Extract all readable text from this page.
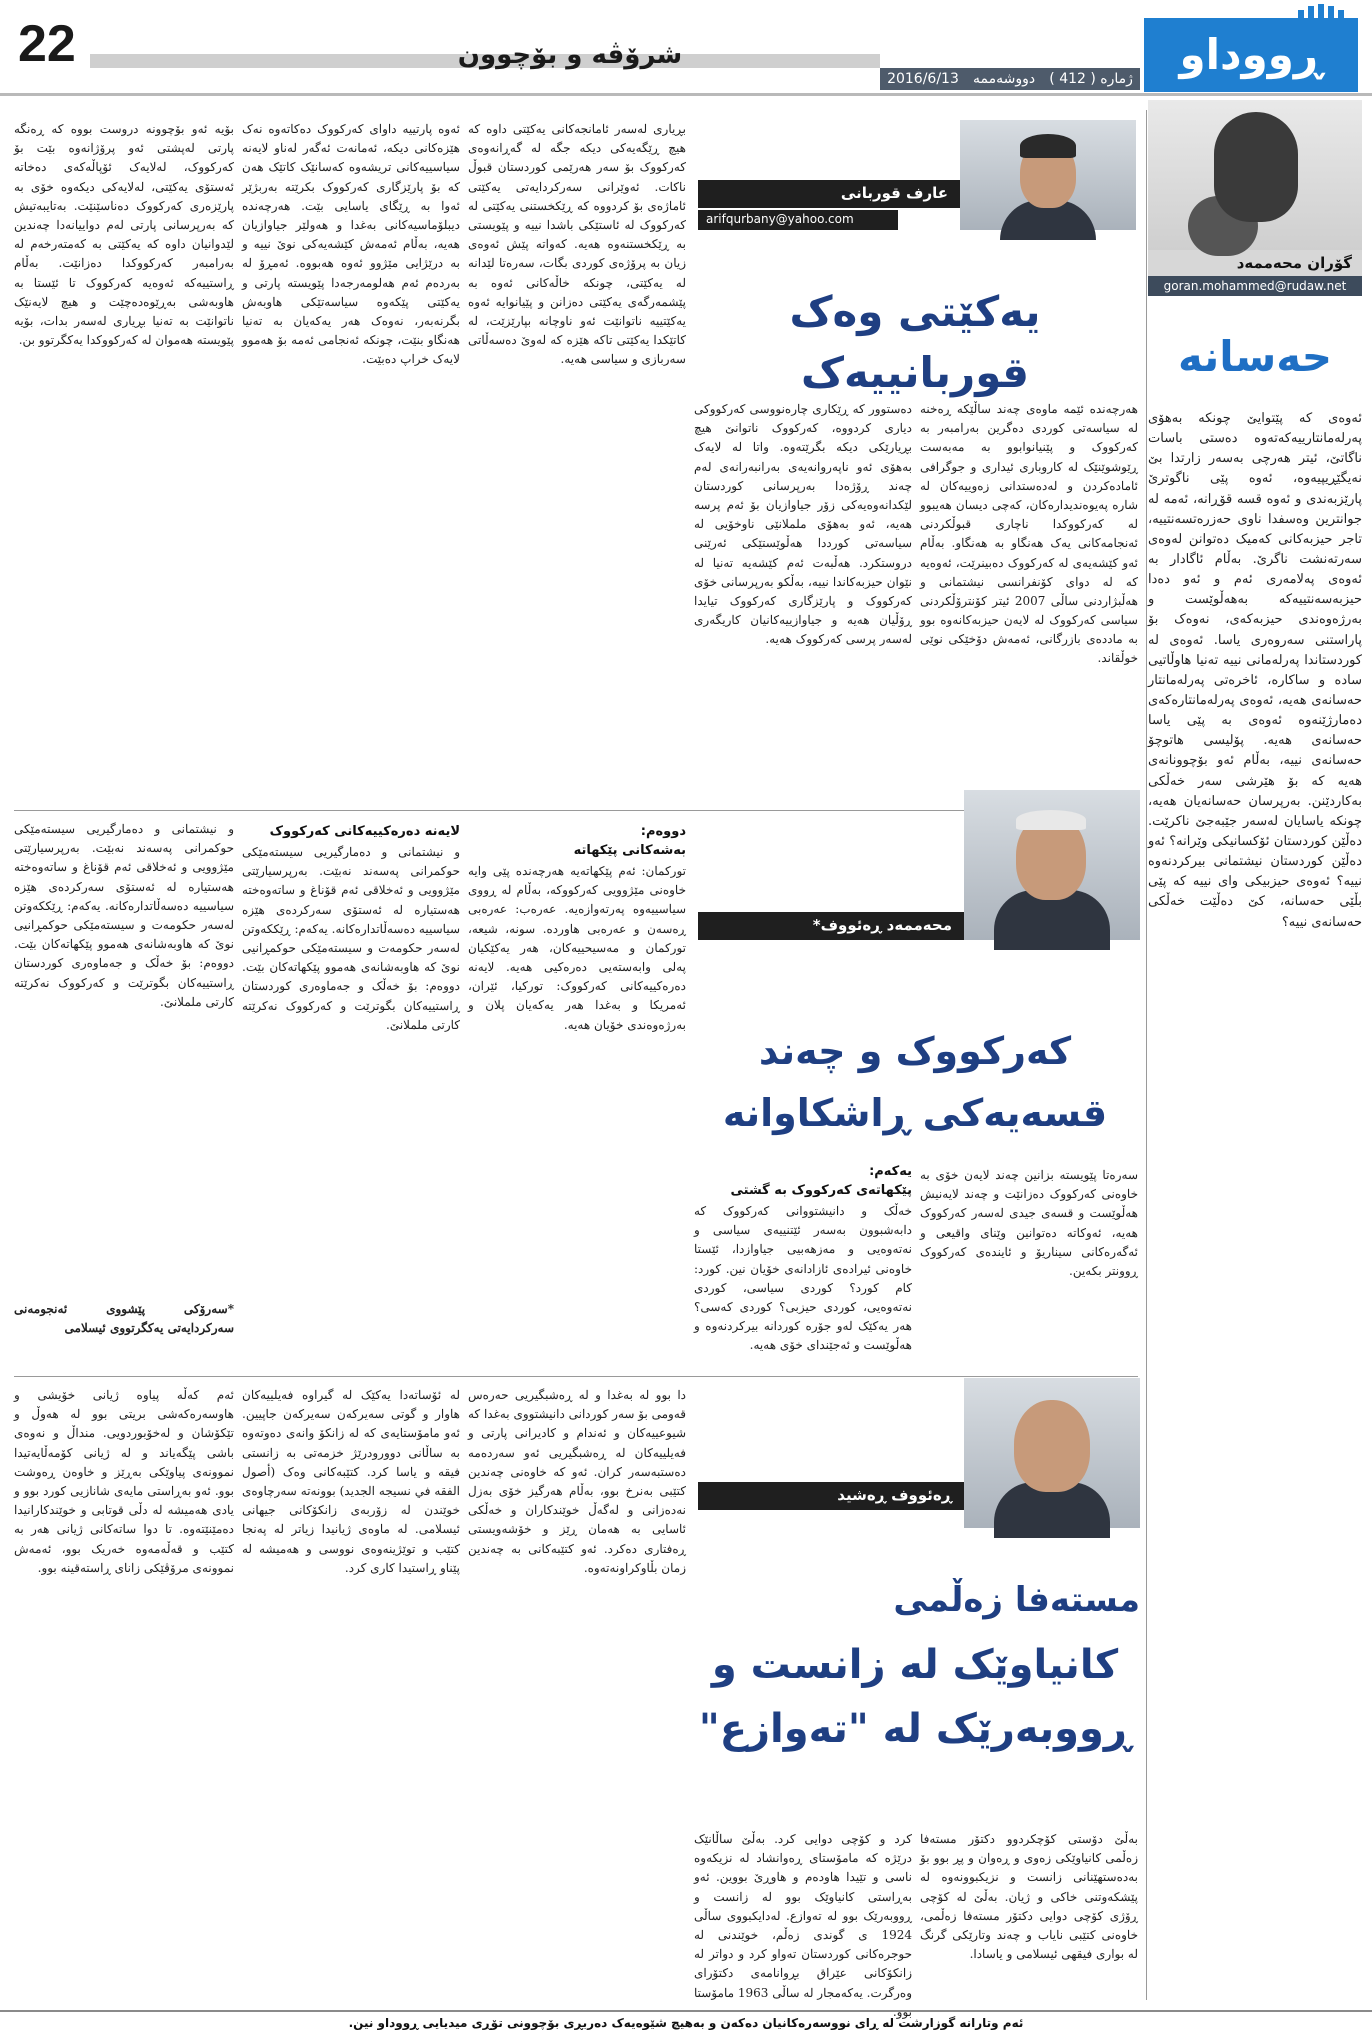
22	شرۆڤە و بۆچوون
ژمارە ( 412 )
دووشەممە
2016/6/13	ڕووداو
گۆران محەممەد
goran.mohammed@rudaw.net
حەسانە
ئەوەی کە پێتوایێ چونکە بەهۆی پەرلەمانتارییەکەتەوە دەستی باسات ناگاتێ، ئیتر هەرچی بەسەر زارتدا بێ نەیگێڕیپیەوە، ئەوە پێی ناگوترێ پارێزبەندی و ئەوە قسە قۆڕانە، ئەمە لە جوانترین وەسفدا ناوی حەزرەتسەنتییە، تاجر حیزبەکانی کەمیک دەتوانن لەوەی سەرتەنشت ناگرێ. بەڵام ئاگادار بە ئەوەی پەلامەری ئەم و ئەو دەدا حیزبەسەنتییەکە بەهەڵوێست و بەرژەوەندی حیزبەکەی، نەوەک بۆ پاراستنی سەروەری یاسا. ئەوەی لە کوردستاندا پەرلەمانی نییە تەنیا هاوڵاتیی سادە و ساکارە، ئاخرەتی پەرلەمانتار حەسانەی هەیە، ئەوەی پەرلەمانتارەکەی دەمارژێنەوە ئەوەی بە پێی یاسا حەسانەی هەیە. پۆلیسی هاتوچۆ حەسانەی نییە، بەڵام ئەو بۆچوونانەی هەیە کە بۆ هێرشی سەر خەڵکی بەکاردێنن. بەرپرسان حەسانەیان هەیە، چونکە یاسایان لەسەر جێبەجێ ناکرێت. دەڵێن کوردستان ئۆکسانیکی وێرانە؟ ئەو دەڵێن کوردستان نیشتمانی بیرکردنەوە نییە؟ ئەوەی حیزبیکی وای نییە کە پێی بڵێی حەسانە، کێ دەڵێت خەڵکی حەسانەی نییە؟
عارف قوربانی
arifqurbany@yahoo.com
یەکێتی وەک قوربانییەک
هەرچەندە ئێمە ماوەی چەند ساڵێکە ڕەخنە لە سیاسەتی کوردی دەگرین بەرامبەر بە کەرکووک و پێنیانوابوو بە مەبەست ڕێوشوێنێک لە کاروباری ئیداری و جوگرافی ئامادەکردن و لەدەستدانی زەوییەکان لە شارە پەیوەندیدارەکان، کەچی دیسان هەیبوو لە کەرکووکدا ناچاری قبوڵکردنی ئەنجامەکانی یەک هەنگاو بە هەنگاو. بەڵام ئەو کێشەیەی لە کەرکووک دەبینرێت، ئەوەیە کە لە دوای کۆنفرانسی نیشتمانی و هەڵبژاردنی ساڵی 2007 ئیتر کۆنترۆڵکردنی سیاسی کەرکووک لە لایەن حیزبەکانەوە بوو بە ماددەی بازرگانی، ئەمەش دۆخێکی نوێی خوڵقاند.
دەستوور کە ڕێکاری چارەنووسی کەرکووکی دیاری کردووە، کەرکووک ناتوانێ هیچ بڕیارێکی دیکە بگرێتەوە. واتا لە لایەک بەهۆی ئەو ناپەروانەیەی بەرانبەرانەی لەم چەند ڕۆژەدا بەرپرسانی کوردستان لێکدانەوەیەکی زۆر جیاوازیان بۆ ئەم پرسە هەیە، ئەو بەهۆی ململانێی ناوخۆیی لە سیاسەتی کورددا هەڵوێستێکی ئەرێنی دروستکرد. هەڵبەت ئەم کێشەیە تەنیا لە نێوان حیزبەکاندا نییە، بەڵکو بەرپرسانی خۆی کەرکووک و پارێزگاری کەرکووک تیایدا ڕۆڵیان هەیە و جیاوازییەکانیان کاریگەری لەسەر پرسی کەرکووک هەیە.
بڕیاری لەسەر ئامانجەکانی یەکێتی داوە کە هیچ ڕێگەیەکی دیکە جگە لە گەڕانەوەی کەرکووک بۆ سەر هەرێمی کوردستان قبوڵ ناکات. ئەوێرانی سەرکردایەتی یەکێتی ئاماژەی بۆ کردووە کە ڕێکخستنی یەکێتی لە کەرکووک لە ئاستێکی باشدا نییە و پێویستی بە ڕێکخستنەوە هەیە. کەواتە پێش ئەوەی زیان بە پرۆژەی کوردی بگات، سەرەتا لێدانە لە یەکێتی، چونکە خاڵەکانی ئەوە بە پێشمەرگەی یەکێتی دەزانن و پێیانوایە ئەوە یەکێتییە ناتوانێت ئەو ناوچانە بپارێزێت، لە کاتێکدا یەکێتی تاکە هێزە کە لەوێ دەسەڵاتی سەربازی و سیاسی هەیە.
ئەوە پارتییە داوای کەرکووک دەکاتەوە نەک هێزەکانی دیکە، ئەمانەت ئەگەر لەناو لایەنە سیاسییەکانی تریشەوە کەسانێک کاتێک هەن کە بۆ پارێزگاری کەرکووک بکرێتە بەربژێر ئەوا بە ڕێگای یاسایی بێت. هەرچەندە دیبلۆماسیەکانی بەغدا و هەولێر جیاوازیان هەیە، بەڵام ئەمەش کێشەیەکی نوێ نییە و بە درێژایی مێژوو ئەوە هەبووە. ئەمڕۆ لە بەردەم ئەم هەلومەرجەدا پێویستە پارتی و یەکێتی پێکەوە سیاسەتێکی هاوبەش بگرنەبەر، نەوەک هەر یەکەیان بە تەنیا هەنگاو بنێت، چونکە ئەنجامی ئەمە بۆ هەموو لایەک خراپ دەبێت.
بۆیە ئەو بۆچوونە دروست بووە کە ڕەنگە پارتی لەپشتی ئەو پرۆژانەوە بێت بۆ کەرکووک، لەلایەک ئۆپاڵەکەی دەخاتە ئەستۆی یەکێتی، لەلایەکی دیکەوە خۆی بە پارێزەری کەرکووک دەناسێنێت. بەتایبەتیش کە بەرپرسانی پارتی لەم دواییانەدا چەندین لێدوانیان داوە کە یەکێتی بە کەمتەرخەم لە بەرامبەر کەرکووکدا دەزانێت. بەڵام ڕاستییەکە ئەوەیە کەرکووک تا ئێستا بە هاوبەشی بەڕێوەدەچێت و هیچ لایەنێک ناتوانێت بە تەنیا بڕیاری لەسەر بدات، بۆیە پێویستە هەموان لە کەرکووکدا یەکگرتوو بن.
محەممەد ڕەئووف*
کەرکووک و چەند
قسەیەکی ڕاشکاوانە
سەرەتا پێویستە بزانین چەند لایەن خۆی بە خاوەنی کەرکووک دەزانێت و چەند لایەنیش هەڵوێست و قسەی جیدی لەسەر کەرکووک هەیە، ئەوکاتە دەتوانین وێنای واقیعی و ئەگەرەکانی سیناریۆ و ئایندەی کەرکووک ڕوونتر بکەین.
یەکەم:
پێکهاتەی کەرکووک بە گشتی
خەڵک و دانیشتووانی کەرکووک کە دابەشبوون بەسەر ئێتنییەی سیاسی و نەتەوەیی و مەزهەبیی جیاوازدا، ئێستا خاوەنی ئیرادەی ئازادانەی خۆیان نین. کورد: کام کورد؟ کوردی سیاسی، کوردی نەتەوەیی، کوردی حیزبی؟ کوردی کەسی؟ هەر یەکێک لەو جۆرە کوردانە بیرکردنەوە و هەڵوێست و ئەجێندای خۆی هەیە.
دووەم:
بەشەکانی پێکهاتە
تورکمان: ئەم پێکهاتەیە هەرچەندە پێی وایە خاوەنی مێژوویی کەرکووکە، بەڵام لە ڕووی سیاسییەوە پەرتەوازەیە. عەرەب: عەرەبی ڕەسەن و عەرەبی هاوردە. سونە، شیعە، تورکمان و مەسیحییەکان، هەر یەکێکیان پەلی وابەستەیی دەرەکیی هەیە. لایەنە دەرەکییەکانی کەرکووک: تورکیا، ئێران، ئەمریکا و بەغدا هەر یەکەیان پلان و بەرژەوەندی خۆیان هەیە.
لایەنە دەرەکییەکانی کەرکووک
و نیشتمانی و دەمارگیریی سیستەمێکی حوکمرانی پەسەند نەبێت. بەرپرسیارێتی مێژوویی و ئەخلاقی ئەم قۆناغ و ساتەوەختە هەستیارە لە ئەستۆی سەرکردەی هێزە سیاسییە دەسەڵاتدارەکانە. یەکەم: ڕێککەوتن لەسەر حکومەت و سیستەمێکی حوکمڕانیی نوێ کە هاوبەشانەی هەموو پێکهاتەکان بێت. دووەم: بۆ خەڵک و جەماوەری کوردستان ڕاستییەکان بگوترێت و کەرکووک نەکرێتە کارتی ململانێ.
و نیشتمانی و دەمارگیریی سیستەمێکی حوکمرانی پەسەند نەبێت. بەرپرسیارێتی مێژوویی و ئەخلاقی ئەم قۆناغ و ساتەوەختە هەستیارە لە ئەستۆی سەرکردەی هێزە سیاسییە دەسەڵاتدارەکانە. یەکەم: ڕێککەوتن لەسەر حکومەت و سیستەمێکی حوکمڕانیی نوێ کە هاوبەشانەی هەموو پێکهاتەکان بێت. دووەم: بۆ خەڵک و جەماوەری کوردستان ڕاستییەکان بگوترێت و کەرکووک نەکرێتە کارتی ململانێ.
*سەرۆکی پێشووی ئەنجومەنی سەرکردایەتی یەکگرتووی ئیسلامی
ڕەئووف ڕەشید
مستەفا زەڵمی
کانیاوێک لە زانست و
ڕووبەرێک لە "تەوازع"
بەڵێ دۆستی کۆچکردوو دکتۆر مستەفا زەڵمی کانیاوێکی زەوی و ڕەوان و پڕ بوو بۆ بەدەستهێنانی زانست و نزیکبوونەوە لە پێشکەوتنی خاکی و ژیان. بەڵێ لە کۆچی ڕۆژی کۆچی دوایی دکتۆر مستەفا زەڵمی، خاوەنی کتێبی نایاب و چەند وتارێکی گرنگ لە بواری فیقهی ئیسلامی و یاسادا.
کرد و کۆچی دوایی کرد. بەڵێ ساڵانێک درێژە کە مامۆستای ڕەوانشاد لە نزیکەوە ناسی و تێیدا هاودەم و هاوڕێ بووین. ئەو بەڕاستی کانیاوێک بوو لە زانست و ڕووبەرێک بوو لە تەوازع. لەدایکبووی ساڵی 1924 ی گوندی زەڵم، خوێندنی لە حوجرەکانی کوردستان تەواو کرد و دواتر لە زانکۆکانی عێراق بڕوانامەی دکتۆرای وەرگرت. یەکەمجار لە ساڵی 1963 مامۆستا بوو.
دا بوو لە بەغدا و لە ڕەشبگیریی حەرەس قەومی بۆ سەر کوردانی دانیشتووی بەغدا کە شیوعییەکان و ئەندام و کادیرانی پارتی و فەیلییەکان لە ڕەشبگیریی ئەو سەردەمە دەستبەسەر کران. ئەو کە خاوەنی چەندین کتێبی بەنرخ بوو، بەڵام هەرگیز خۆی بەزل نەدەزانی و لەگەڵ خوێندکاران و خەڵکی ئاسایی بە هەمان ڕێز و خۆشەویستی ڕەفتاری دەکرد. ئەو کتێبەکانی بە چەندین زمان بڵاوکراونەتەوە.
لە ئۆساتەدا یەکێک لە گیراوە فەیلییەکان هاوار و گوتی سەیرکەن سەیرکەن جاپیین. ئەو مامۆستایەی کە لە زانکۆ وانەی دەوتەوە بە ساڵانی دوورودرێژ خزمەتی بە زانستی فیقه و یاسا کرد. کتێبەکانی وەک (أصول الفقه في نسيجه الجديد) بوونەتە سەرچاوەی خوێندن لە زۆربەی زانکۆکانی جیهانی ئیسلامی. لە ماوەی ژیانیدا زیاتر لە پەنجا کتێب و توێژینەوەی نووسی و هەمیشە لە پێناو ڕاستیدا کاری کرد.
ئەم کەڵە پیاوە ژیانی خۆیشی و هاوسەرەکەشی بریتی بوو لە هەوڵ و تێکۆشان و لەخۆبوردویی. منداڵ و نەوەی باشی پێگەیاند و لە ژیانی کۆمەڵایەتیدا نموونەی پیاوێکی بەڕێز و خاوەن ڕەوشت بوو. ئەو بەڕاستی مایەی شانازیی کورد بوو و یادی هەمیشە لە دڵی قوتابی و خوێندکارانیدا دەمێنێتەوە. تا دوا ساتەکانی ژیانی هەر بە کتێب و قەڵەمەوە خەریک بوو، ئەمەش نموونەی مرۆڤێکی زانای ڕاستەقینە بوو.
ئەم وتارانە گوزارشت لە ڕای نووسەرەکانیان دەکەن و بەهیچ شێوەیەک دەربڕی بۆچوونی تۆڕی میدیایی ڕووداو نین.
